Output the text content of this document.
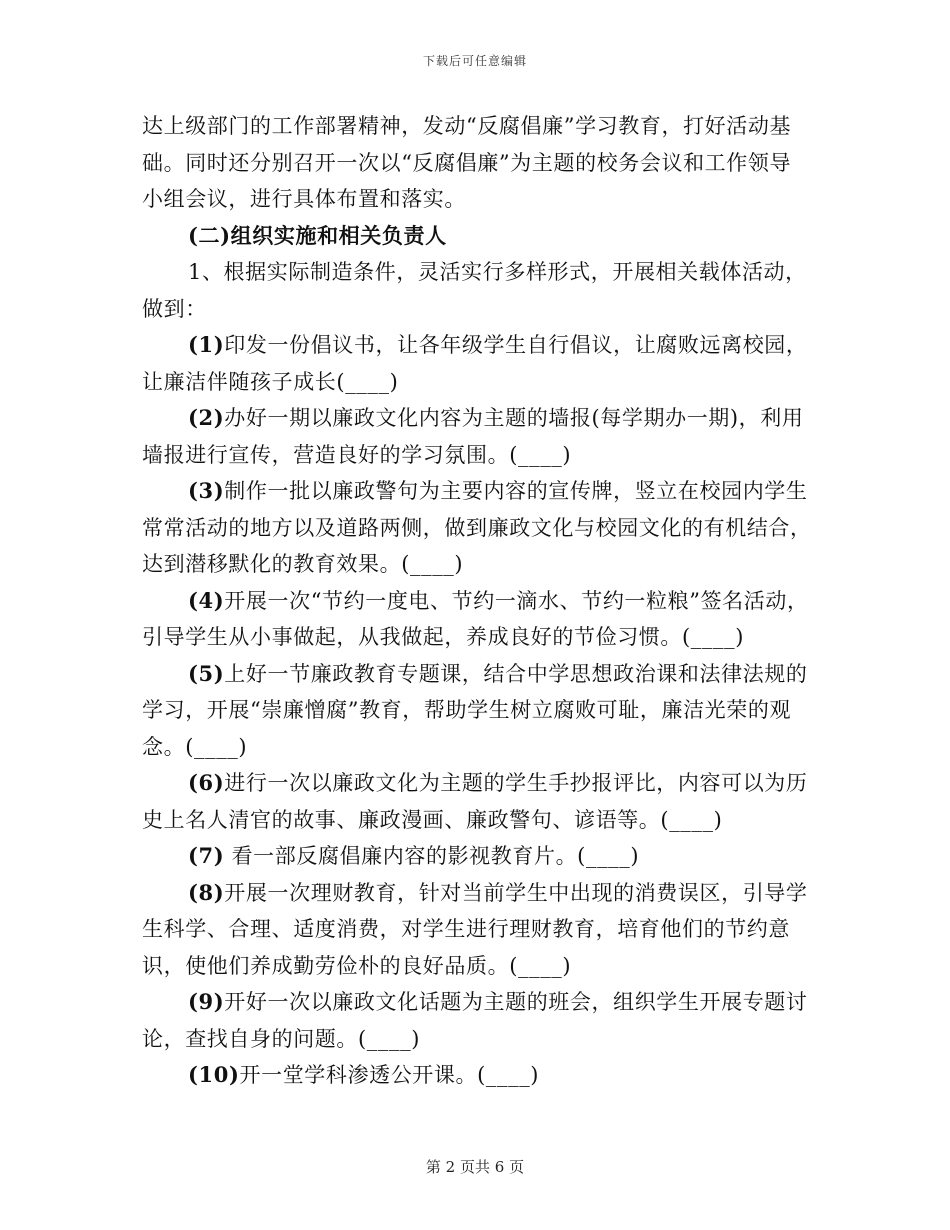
下载后可任意编辑

达上级部门的工作部署精神，发动“反腐倡廉”学习教育，打好活动基础。同时还分别召开一次以“反腐倡廉”为主题的校务会议和工作领导小组会议，进行具体布置和落实。

(二)组织实施和相关负责人

1、根据实际制造条件，灵活实行多样形式，开展相关载体活动，做到：

(1)印发一份倡议书，让各年级学生自行倡议，让腐败远离校园，让廉洁伴随孩子成长(____)

(2)办好一期以廉政文化内容为主题的墙报(每学期办一期)，利用墙报进行宣传，营造良好的学习氛围。(____)

(3)制作一批以廉政警句为主要内容的宣传牌，竖立在校园内学生常常活动的地方以及道路两侧，做到廉政文化与校园文化的有机结合，达到潜移默化的教育效果。(____)

(4)开展一次“节约一度电、节约一滴水、节约一粒粮”签名活动，引导学生从小事做起，从我做起，养成良好的节俭习惯。(____)

(5)上好一节廉政教育专题课，结合中学思想政治课和法律法规的学习，开展“崇廉憎腐”教育，帮助学生树立腐败可耻，廉洁光荣的观念。(____)

(6)进行一次以廉政文化为主题的学生手抄报评比，内容可以为历史上名人清官的故事、廉政漫画、廉政警句、谚语等。(____)

(7) 看一部反腐倡廉内容的影视教育片。(____)

(8)开展一次理财教育，针对当前学生中出现的消费误区，引导学生科学、合理、适度消费，对学生进行理财教育，培育他们的节约意识，使他们养成勤劳俭朴的良好品质。(____)

(9)开好一次以廉政文化话题为主题的班会，组织学生开展专题讨论，查找自身的问题。(____)

(10)开一堂学科渗透公开课。(____)

第 2 页共 6 页
